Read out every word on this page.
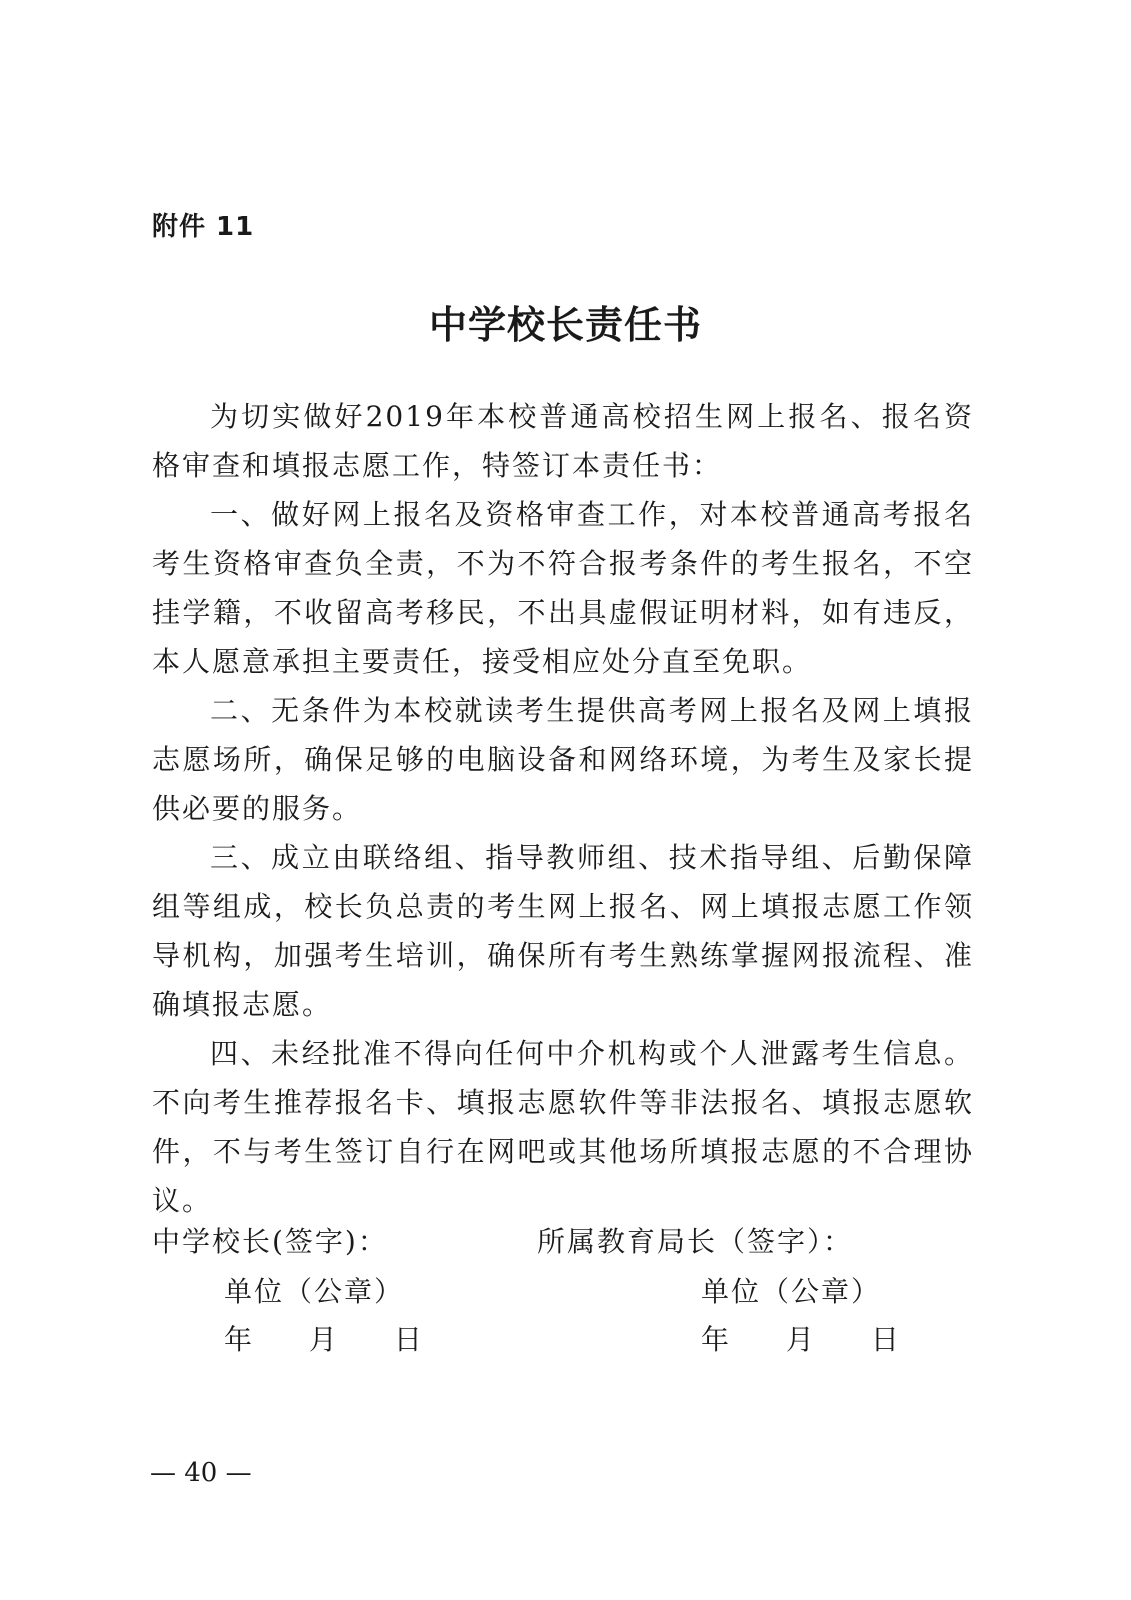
附件 11
中学校长责任书

为切实做好2019年本校普通高校招生网上报名、报名资格审查和填报志愿工作，特签订本责任书：

一、做好网上报名及资格审查工作，对本校普通高考报名考生资格审查负全责，不为不符合报考条件的考生报名，不空挂学籍，不收留高考移民，不出具虚假证明材料，如有违反，本人愿意承担主要责任，接受相应处分直至免职。

二、无条件为本校就读考生提供高考网上报名及网上填报志愿场所，确保足够的电脑设备和网络环境，为考生及家长提供必要的服务。

三、成立由联络组、指导教师组、技术指导组、后勤保障组等组成，校长负总责的考生网上报名、网上填报志愿工作领导机构，加强考生培训，确保所有考生熟练掌握网报流程、准确填报志愿。

四、未经批准不得向任何中介机构或个人泄露考生信息。不向考生推荐报名卡、填报志愿软件等非法报名、填报志愿软件，不与考生签订自行在网吧或其他场所填报志愿的不合理协议。

中学校长(签字)：
单位（公章）
年 月 日
所属教育局长（签字）：
单位（公章）
年 月 日
— 40 —
